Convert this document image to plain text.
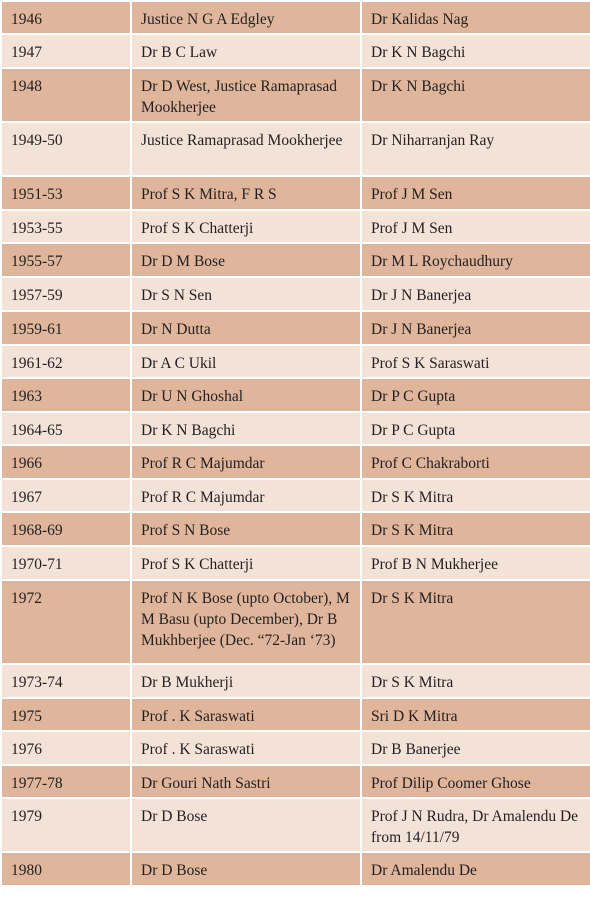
1946	Justice N G A Edgley	Dr Kalidas Nag
1947	Dr B C Law	Dr K N Bagchi
1948	Dr D West, Justice Ramaprasad Mookherjee	Dr K N Bagchi
1949-50	Justice Ramaprasad Mookherjee	Dr Niharranjan Ray
1951-53	Prof S K Mitra, F R S	Prof J M Sen
1953-55	Prof S K Chatterji	Prof J M Sen
1955-57	Dr D M Bose	Dr M L Roychaudhury
1957-59	Dr S N Sen	Dr J N Banerjea
1959-61	Dr N Dutta	Dr J N Banerjea
1961-62	Dr A C Ukil	Prof S K Saraswati
1963	Dr U N Ghoshal	Dr P C Gupta
1964-65	Dr K N Bagchi	Dr P C Gupta
1966	Prof R C Majumdar	Prof C Chakraborti
1967	Prof R C Majumdar	Dr S K Mitra
1968-69	Prof S N Bose	Dr S K Mitra
1970-71	Prof S K Chatterji	Prof B N Mukherjee
1972	Prof N K Bose (upto October), M M Basu (upto December), Dr B Mukhberjee (Dec. “72-Jan ‘73)	Dr S K Mitra
1973-74	Dr B Mukherji	Dr S K Mitra
1975	Prof . K Saraswati	Sri D K Mitra
1976	Prof . K Saraswati	Dr B Banerjee
1977-78	Dr Gouri Nath Sastri	Prof Dilip Coomer Ghose
1979	Dr D Bose	Prof J N Rudra, Dr Amalendu De from 14/11/79
1980	Dr D Bose	Dr Amalendu De
